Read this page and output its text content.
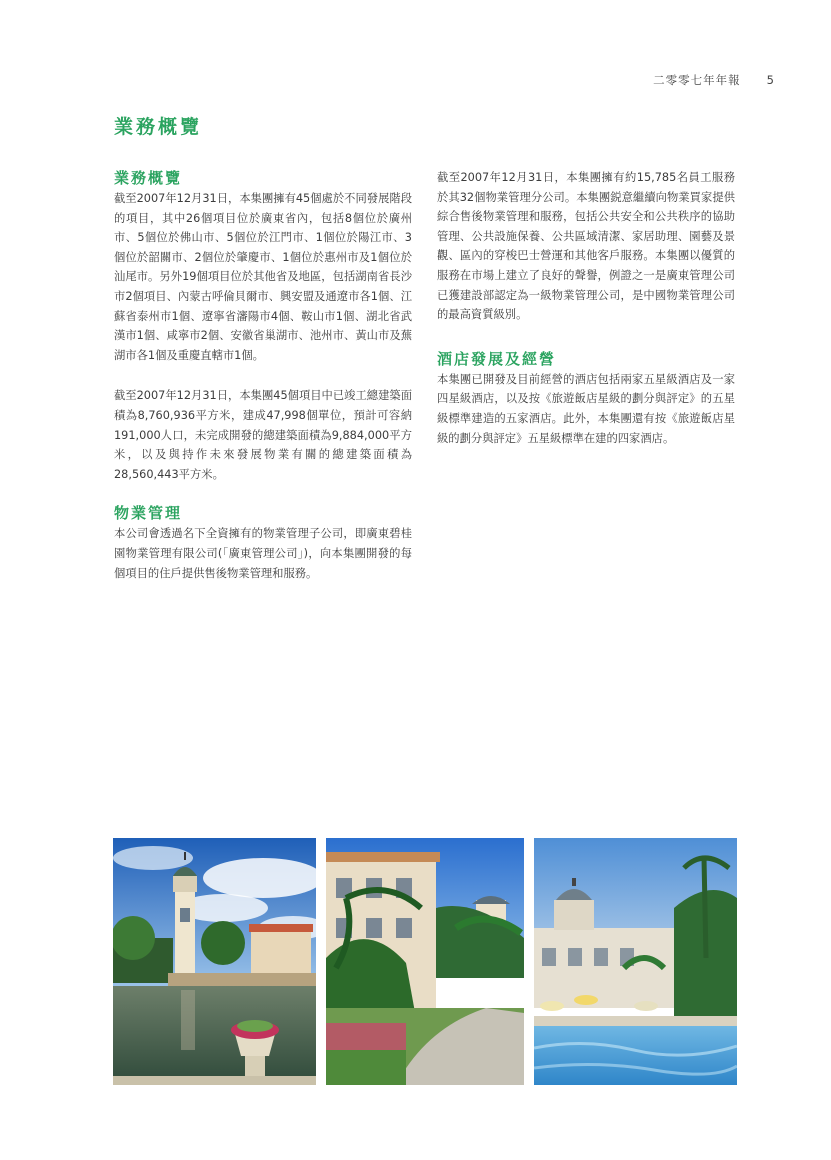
二零零七年年報 5
業務概覽
業務概覽

截至2007年12月31日，本集團擁有45個處於不同發展階段的項目，其中26個項目位於廣東省內，包括8個位於廣州市、5個位於佛山市、5個位於江門市、1個位於陽江市、3個位於韶關市、2個位於肇慶市、1個位於惠州市及1個位於汕尾市。另外19個項目位於其他省及地區，包括湖南省長沙市2個項目、內蒙古呼倫貝爾市、興安盟及通遼市各1個、江蘇省泰州市1個、遼寧省瀋陽市4個、鞍山市1個、湖北省武漢市1個、咸寧市2個、安徽省巢湖市、池州市、黃山市及蕪湖市各1個及重慶直轄市1個。

截至2007年12月31日，本集團45個項目中已竣工總建築面積為8,760,936平方米，建成47,998個單位，預計可容納191,000人口，未完成開發的總建築面積為9,884,000平方米，以及與持作未來發展物業有關的總建築面積為28,560,443平方米。

物業管理

本公司會透過名下全資擁有的物業管理子公司，即廣東碧桂園物業管理有限公司(「廣東管理公司」)，向本集團開發的每個項目的住戶提供售後物業管理和服務。

截至2007年12月31日，本集團擁有約15,785名員工服務於其32個物業管理分公司。本集團鋭意繼續向物業買家提供綜合售後物業管理和服務，包括公共安全和公共秩序的協助管理、公共設施保養、公共區域清潔、家居助理、園藝及景觀、區內的穿梭巴士營運和其他客戶服務。本集團以優質的服務在市場上建立了良好的聲譽，例證之一是廣東管理公司已獲建設部認定為一級物業管理公司，是中國物業管理公司的最高資質級別。

酒店發展及經營

本集團已開發及目前經營的酒店包括兩家五星級酒店及一家四星級酒店，以及按《旅遊飯店星級的劃分與評定》的五星級標準建造的五家酒店。此外，本集團還有按《旅遊飯店星級的劃分與評定》五星級標準在建的四家酒店。
